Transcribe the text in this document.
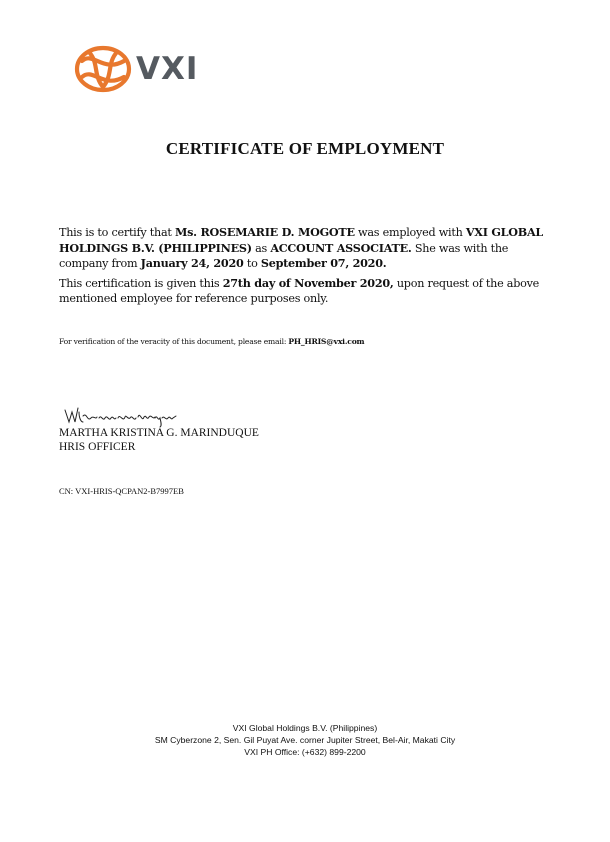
VXI
CERTIFICATE OF EMPLOYMENT
This is to certify that Ms. ROSEMARIE D. MOGOTE was employed with VXI GLOBAL HOLDINGS B.V. (PHILIPPINES) as ACCOUNT ASSOCIATE. She was with the company from January 24, 2020 to September 07, 2020.
This certification is given this 27th day of November 2020, upon request of the above mentioned employee for reference purposes only.
For verification of the veracity of this document, please email: PH_HRIS@vxi.com
MARTHA KRISTINA G. MARINDUQUE
HRIS OFFICER
CN: VXI-HRIS-QCPAN2-B7997EB
VXI Global Holdings B.V. (Philippines)
SM Cyberzone 2, Sen. Gil Puyat Ave. corner Jupiter Street, Bel-Air, Makati City
VXI PH Office: (+632) 899-2200
